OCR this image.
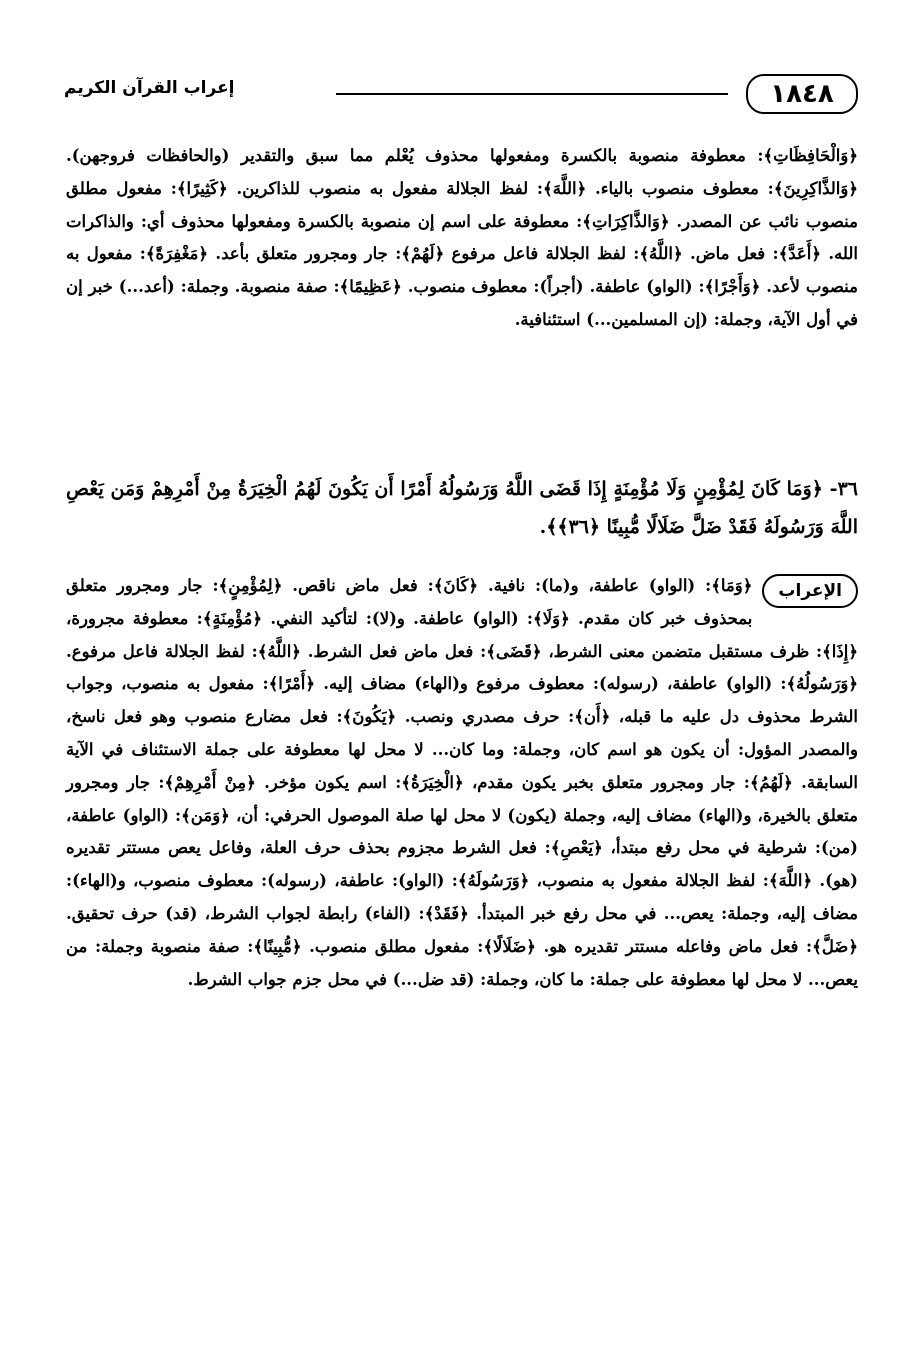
١٨٤٨
إعراب القرآن الكريم

﴿وَالْحَافِظَاتِ﴾: معطوفة منصوبة بالكسرة ومفعولها محذوف يُعْلم مما سبق والتقدير (والحافظات فروجهن). ﴿وَالذَّاكِرِينَ﴾: معطوف منصوب بالياء. ﴿اللَّهَ﴾: لفظ الجلالة مفعول به منصوب للذاكرين. ﴿كَثِيرًا﴾: مفعول مطلق منصوب نائب عن المصدر. ﴿وَالذَّاكِرَاتِ﴾: معطوفة على اسم إن منصوبة بالكسرة ومفعولها محذوف أي: والذاكرات الله. ﴿أَعَدَّ﴾: فعل ماض. ﴿اللَّهُ﴾: لفظ الجلالة فاعل مرفوع ﴿لَهُمْ﴾: جار ومجرور متعلق بأعد. ﴿مَغْفِرَةً﴾: مفعول به منصوب لأعد. ﴿وَأَجْرًا﴾: (الواو) عاطفة. (أجراً): معطوف منصوب. ﴿عَظِيمًا﴾: صفة منصوبة. وجملة: (أعد...) خبر إن في أول الآية، وجملة: (إن المسلمين...) استئنافية.

٣٦- ﴿وَمَا كَانَ لِمُؤْمِنٍ وَلَا مُؤْمِنَةٍ إِذَا قَضَى اللَّهُ وَرَسُولُهُ أَمْرًا أَن يَكُونَ لَهُمُ الْخِيَرَةُ مِنْ أَمْرِهِمْ وَمَن يَعْصِ اللَّهَ وَرَسُولَهُ فَقَدْ ضَلَّ ضَلَالًا مُّبِينًا ﴿٣٦﴾﴾.

الإعراب
﴿وَمَا﴾: (الواو) عاطفة، و(ما): نافية. ﴿كَانَ﴾: فعل ماض ناقص. ﴿لِمُؤْمِنٍ﴾: جار ومجرور متعلق بمحذوف خبر كان مقدم. ﴿وَلَا﴾: (الواو) عاطفة. و(لا): لتأكيد النفي. ﴿مُؤْمِنَةٍ﴾: معطوفة مجرورة، ﴿إِذَا﴾: ظرف مستقبل متضمن معنى الشرط، ﴿قَضَى﴾: فعل ماض فعل الشرط. ﴿اللَّهُ﴾: لفظ الجلالة فاعل مرفوع. ﴿وَرَسُولُهُ﴾: (الواو) عاطفة، (رسوله): معطوف مرفوع و(الهاء) مضاف إليه. ﴿أَمْرًا﴾: مفعول به منصوب، وجواب الشرط محذوف دل عليه ما قبله، ﴿أَن﴾: حرف مصدري ونصب. ﴿يَكُونَ﴾: فعل مضارع منصوب وهو فعل ناسخ، والمصدر المؤول: أن يكون هو اسم كان، وجملة: وما كان... لا محل لها معطوفة على جملة الاستئناف في الآية السابقة. ﴿لَهُمُ﴾: جار ومجرور متعلق بخبر يكون مقدم، ﴿الْخِيَرَةُ﴾: اسم يكون مؤخر. ﴿مِنْ أَمْرِهِمْ﴾: جار ومجرور متعلق بالخيرة، و(الهاء) مضاف إليه، وجملة (يكون) لا محل لها صلة الموصول الحرفي: أن، ﴿وَمَن﴾: (الواو) عاطفة، (من): شرطية في محل رفع مبتدأ، ﴿يَعْصِ﴾: فعل الشرط مجزوم بحذف حرف العلة، وفاعل يعص مستتر تقديره (هو). ﴿اللَّهَ﴾: لفظ الجلالة مفعول به منصوب، ﴿وَرَسُولَهُ﴾: (الواو): عاطفة، (رسوله): معطوف منصوب، و(الهاء): مضاف إليه، وجملة: يعص... في محل رفع خبر المبتدأ. ﴿فَقَدْ﴾: (الفاء) رابطة لجواب الشرط، (قد) حرف تحقيق. ﴿ضَلَّ﴾: فعل ماض وفاعله مستتر تقديره هو. ﴿ضَلَالًا﴾: مفعول مطلق منصوب. ﴿مُّبِينًا﴾: صفة منصوبة وجملة: من يعص... لا محل لها معطوفة على جملة: ما كان، وجملة: (قد ضل...) في محل جزم جواب الشرط.
